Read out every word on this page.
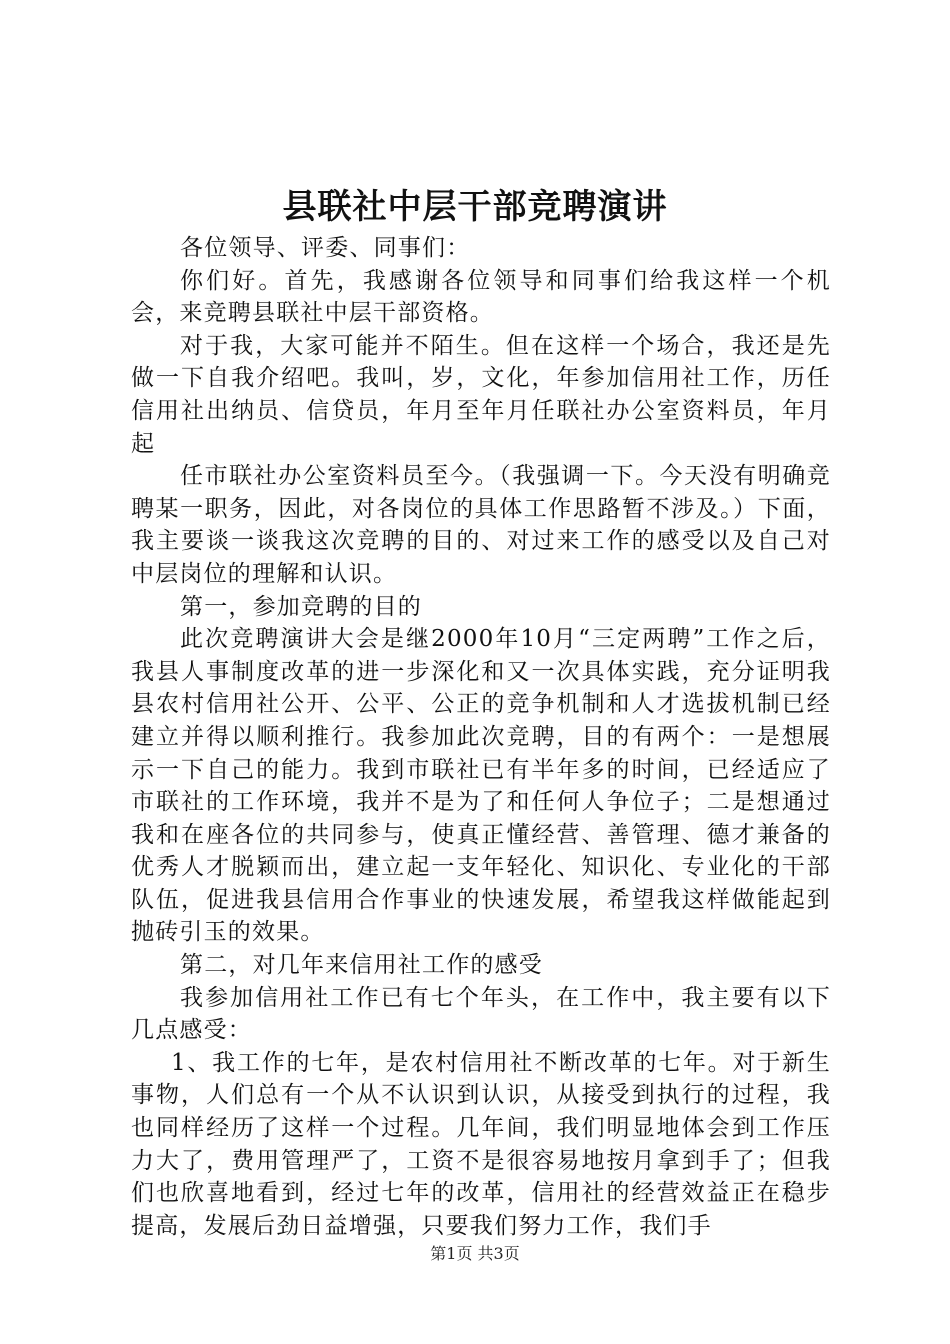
县联社中层干部竞聘演讲

各位领导、评委、同事们：

你们好。首先，我感谢各位领导和同事们给我这样一个机会，来竞聘县联社中层干部资格。

对于我，大家可能并不陌生。但在这样一个场合，我还是先做一下自我介绍吧。我叫，岁，文化，年参加信用社工作，历任信用社出纳员、信贷员，年月至年月任联社办公室资料员，年月起

任市联社办公室资料员至今。（我强调一下。今天没有明确竞聘某一职务，因此，对各岗位的具体工作思路暂不涉及。）下面，我主要谈一谈我这次竞聘的目的、对过来工作的感受以及自己对中层岗位的理解和认识。

第一，参加竞聘的目的

此次竞聘演讲大会是继2000年10月“三定两聘”工作之后，我县人事制度改革的进一步深化和又一次具体实践，充分证明我县农村信用社公开、公平、公正的竞争机制和人才选拔机制已经建立并得以顺利推行。我参加此次竞聘，目的有两个：一是想展示一下自己的能力。我到市联社已有半年多的时间，已经适应了市联社的工作环境，我并不是为了和任何人争位子；二是想通过我和在座各位的共同参与，使真正懂经营、善管理、德才兼备的优秀人才脱颖而出，建立起一支年轻化、知识化、专业化的干部队伍，促进我县信用合作事业的快速发展，希望我这样做能起到抛砖引玉的效果。

第二，对几年来信用社工作的感受

我参加信用社工作已有七个年头，在工作中，我主要有以下几点感受：

1、我工作的七年，是农村信用社不断改革的七年。对于新生事物，人们总有一个从不认识到认识，从接受到执行的过程，我也同样经历了这样一个过程。几年间，我们明显地体会到工作压力大了，费用管理严了，工资不是很容易地按月拿到手了；但我们也欣喜地看到，经过七年的改革，信用社的经营效益正在稳步提高，发展后劲日益增强，只要我们努力工作，我们手

第1页 共3页
